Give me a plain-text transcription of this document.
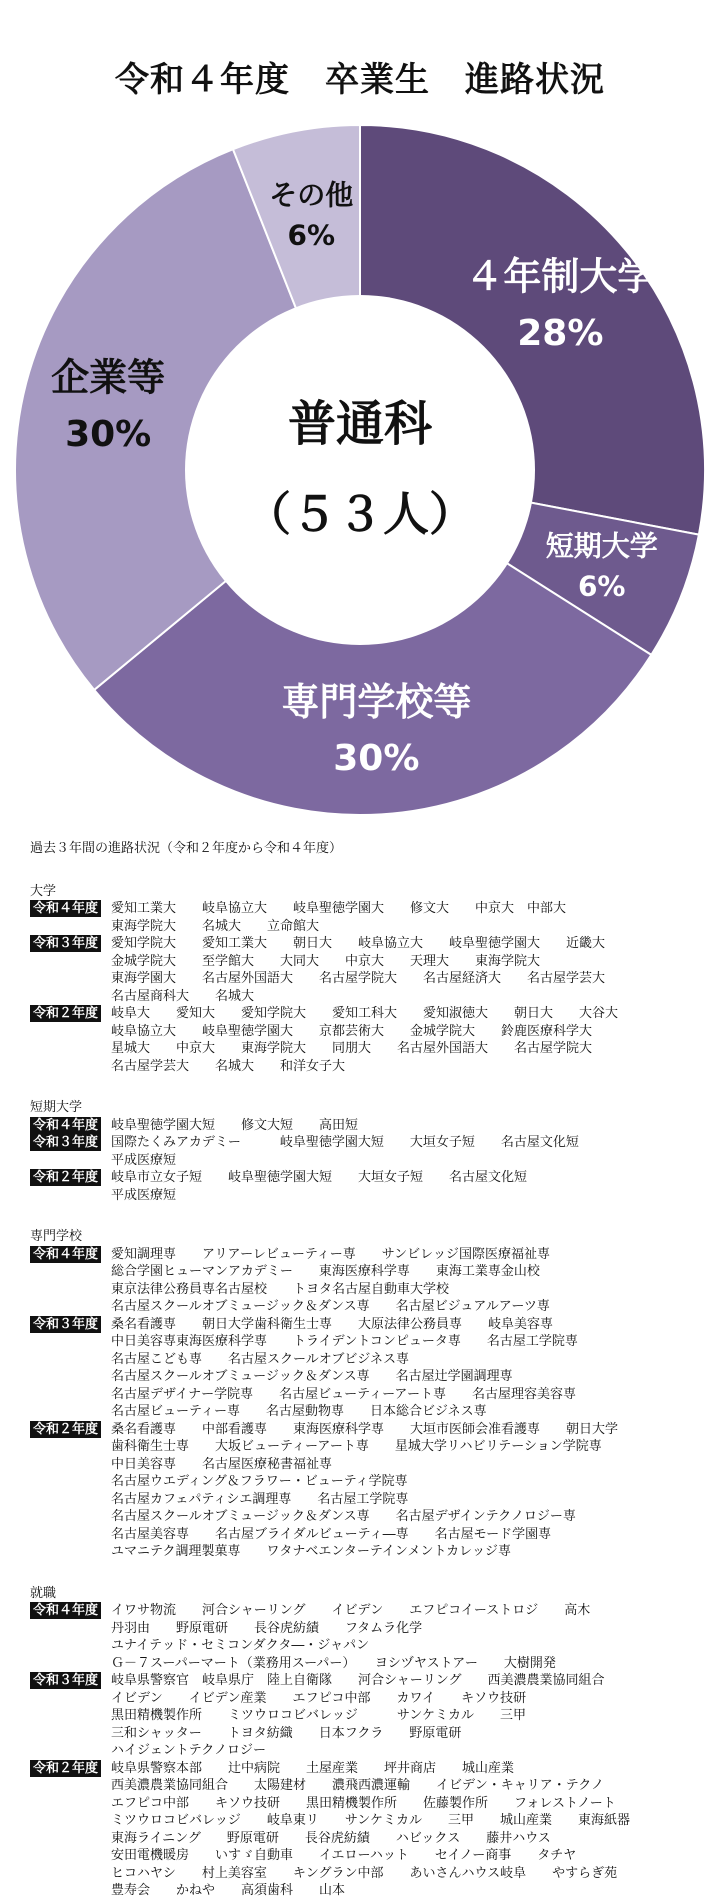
令和４年度　卒業生　進路状況
４年制大学
28%
短期大学
6%
専門学校等
30%
企業等
30%
その他
6%
普通科
（５３人）
過去３年間の進路状況（令和２年度から令和４年度）
大学
令和４年度 愛知工業大　　岐阜協立大　　岐阜聖徳学園大　　修文大　　中京大　中部大
東海学院大　　名城大　　立命館大
令和３年度 愛知学院大　　愛知工業大　　朝日大　　岐阜協立大　　岐阜聖徳学園大　　近畿大
金城学院大　　至学館大　　大同大　　中京大　　天理大　　東海学院大
東海学園大　　名古屋外国語大　　名古屋学院大　　名古屋経済大　　名古屋学芸大
名古屋商科大　　名城大
令和２年度 岐阜大　　愛知大　　愛知学院大　　愛知工科大　　愛知淑徳大　　朝日大　　大谷大
岐阜協立大　　岐阜聖徳学園大　　京都芸術大　　金城学院大　　鈴鹿医療科学大
星城大　　中京大　　東海学院大　　同朋大　　名古屋外国語大　　名古屋学院大
名古屋学芸大　　名城大　　和洋女子大
短期大学
令和４年度 岐阜聖徳学園大短　　修文大短　　高田短
令和３年度 国際たくみアカデミー　　　岐阜聖徳学園大短　　大垣女子短　　名古屋文化短
平成医療短
令和２年度 岐阜市立女子短　　岐阜聖徳学園大短　　大垣女子短　　名古屋文化短
平成医療短
専門学校
令和４年度 愛知調理専　　アリアーレビューティー専　　サンビレッジ国際医療福祉専
総合学園ヒューマンアカデミー　　東海医療科学専　　東海工業専金山校
東京法律公務員専名古屋校　　トヨタ名古屋自動車大学校
名古屋スクールオブミュージック＆ダンス専　　名古屋ビジュアルアーツ専
令和３年度 桑名看護専　　朝日大学歯科衛生士専　　大原法律公務員専　　岐阜美容専
中日美容専東海医療科学専　　トライデントコンピュータ専　　名古屋工学院専
名古屋こども専　　名古屋スクールオブビジネス専
名古屋スクールオブミュージック＆ダンス専　　名古屋辻学園調理専
名古屋デザイナー学院専　　名古屋ビューティーアート専　　名古屋理容美容専
名古屋ビューティー専　　名古屋動物専　　日本総合ビジネス専
令和２年度 桑名看護専　　中部看護専　　東海医療科学専　　大垣市医師会准看護専　　朝日大学
歯科衛生士専　　大坂ビューティーアート専　　星城大学リハビリテーション学院専
中日美容専　　名古屋医療秘書福祉専
名古屋ウエディング＆フラワー・ビューティ学院専
名古屋カフェパティシエ調理専　　名古屋工学院専
名古屋スクールオブミュージック＆ダンス専　　名古屋デザインテクノロジー専
名古屋美容専　　名古屋ブライダルビューティ―専　　名古屋モード学園専
ユマニテク調理製菓専　　ワタナベエンターテインメントカレッジ専
就職
令和４年度 イワサ物流　　河合シャーリング　　イビデン　　エフピコイーストロジ　　高木
丹羽由　　野原電研　　長谷虎紡績　　フタムラ化学
ユナイテッド・セミコンダクタ―・ジャパン
Ｇ－７スーパーマート（業務用スーパー）　　ヨシヅヤストアー　　大樹開発
令和３年度 岐阜県警察官　岐阜県庁　陸上自衛隊　　河合シャーリング　　西美濃農業協同組合
イビデン　　イビデン産業　　エフピコ中部　　カワイ　　キソウ技研
黒田精機製作所　　ミツウロコビバレッジ　　　サンケミカル　　三甲
三和シャッター　　トヨタ紡織　　日本フクラ　　野原電研
ハイジェントテクノロジー
令和２年度 岐阜県警察本部　　辻中病院　　土屋産業　　坪井商店　　城山産業
西美濃農業協同組合　　太陽建材　　濃飛西濃運輸　　イビデン・キャリア・テクノ
エフピコ中部　　キソウ技研　　黒田精機製作所　　佐藤製作所　　フォレストノート
ミツウロコビバレッジ　　岐阜東リ　　サンケミカル　　三甲　　城山産業　　東海紙器
東海ライニング　　野原電研　　長谷虎紡績　　ハビックス　　藤井ハウス
安田電機暖房　　いすゞ自動車　　イエローハット　　セイノー商事　　タチヤ
ヒコハヤシ　　村上美容室　　キングラン中部　　あいさんハウス岐阜　　やすらぎ苑
豊寿会　　かねや　　高須歯科　　山本
